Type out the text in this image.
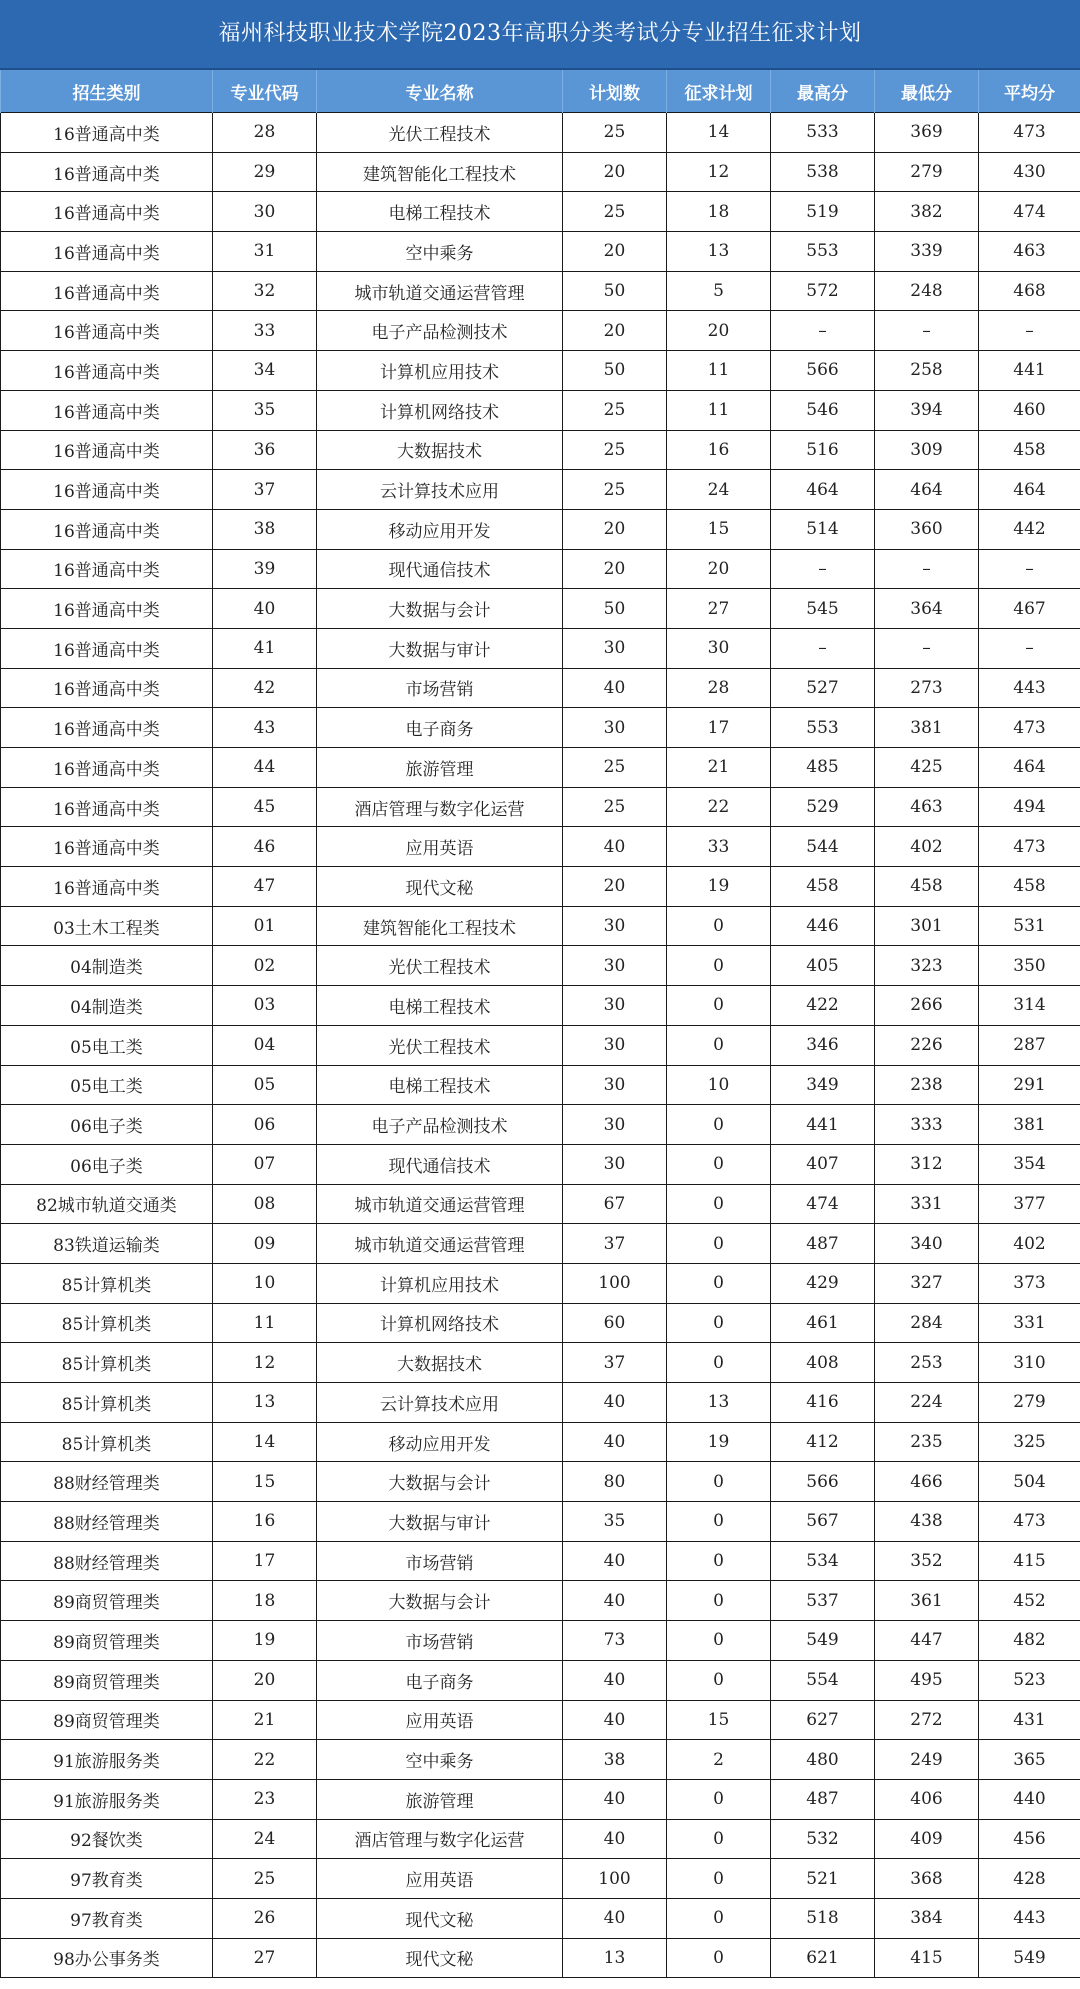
福州科技职业技术学院2023年高职分类考试分专业招生征求计划
招生类别	专业代码	专业名称	计划数	征求计划	最高分	最低分	平均分
16普通高中类	28	光伏工程技术	25	14	533	369	473
16普通高中类	29	建筑智能化工程技术	20	12	538	279	430
16普通高中类	30	电梯工程技术	25	18	519	382	474
16普通高中类	31	空中乘务	20	13	553	339	463
16普通高中类	32	城市轨道交通运营管理	50	5	572	248	468
16普通高中类	33	电子产品检测技术	20	20	–	–	–
16普通高中类	34	计算机应用技术	50	11	566	258	441
16普通高中类	35	计算机网络技术	25	11	546	394	460
16普通高中类	36	大数据技术	25	16	516	309	458
16普通高中类	37	云计算技术应用	25	24	464	464	464
16普通高中类	38	移动应用开发	20	15	514	360	442
16普通高中类	39	现代通信技术	20	20	–	–	–
16普通高中类	40	大数据与会计	50	27	545	364	467
16普通高中类	41	大数据与审计	30	30	–	–	–
16普通高中类	42	市场营销	40	28	527	273	443
16普通高中类	43	电子商务	30	17	553	381	473
16普通高中类	44	旅游管理	25	21	485	425	464
16普通高中类	45	酒店管理与数字化运营	25	22	529	463	494
16普通高中类	46	应用英语	40	33	544	402	473
16普通高中类	47	现代文秘	20	19	458	458	458
03土木工程类	01	建筑智能化工程技术	30	0	446	301	531
04制造类	02	光伏工程技术	30	0	405	323	350
04制造类	03	电梯工程技术	30	0	422	266	314
05电工类	04	光伏工程技术	30	0	346	226	287
05电工类	05	电梯工程技术	30	10	349	238	291
06电子类	06	电子产品检测技术	30	0	441	333	381
06电子类	07	现代通信技术	30	0	407	312	354
82城市轨道交通类	08	城市轨道交通运营管理	67	0	474	331	377
83铁道运输类	09	城市轨道交通运营管理	37	0	487	340	402
85计算机类	10	计算机应用技术	100	0	429	327	373
85计算机类	11	计算机网络技术	60	0	461	284	331
85计算机类	12	大数据技术	37	0	408	253	310
85计算机类	13	云计算技术应用	40	13	416	224	279
85计算机类	14	移动应用开发	40	19	412	235	325
88财经管理类	15	大数据与会计	80	0	566	466	504
88财经管理类	16	大数据与审计	35	0	567	438	473
88财经管理类	17	市场营销	40	0	534	352	415
89商贸管理类	18	大数据与会计	40	0	537	361	452
89商贸管理类	19	市场营销	73	0	549	447	482
89商贸管理类	20	电子商务	40	0	554	495	523
89商贸管理类	21	应用英语	40	15	627	272	431
91旅游服务类	22	空中乘务	38	2	480	249	365
91旅游服务类	23	旅游管理	40	0	487	406	440
92餐饮类	24	酒店管理与数字化运营	40	0	532	409	456
97教育类	25	应用英语	100	0	521	368	428
97教育类	26	现代文秘	40	0	518	384	443
98办公事务类	27	现代文秘	13	0	621	415	549
